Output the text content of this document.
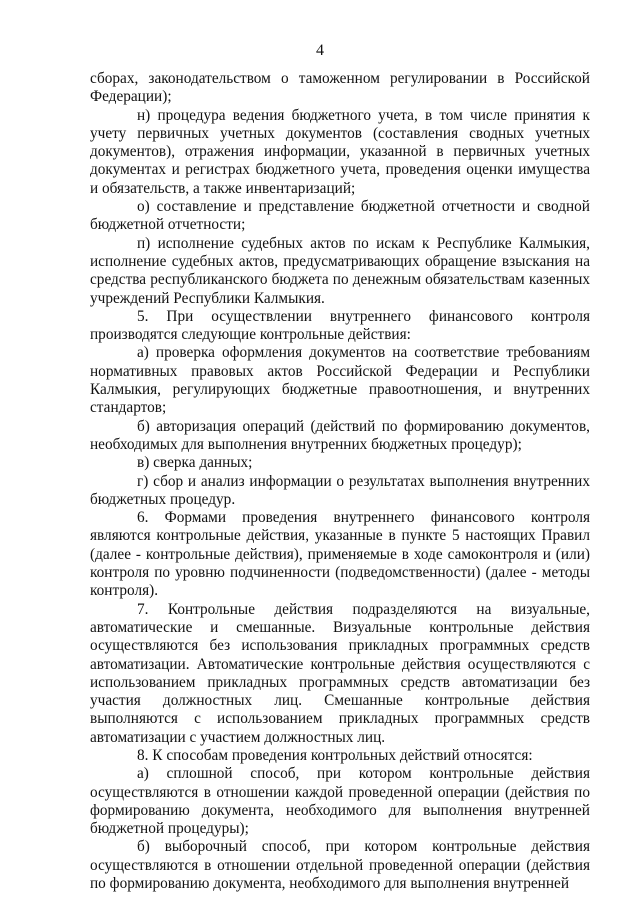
4

сборах, законодательством о таможенном регулировании в Российской Федерации);

н) процедура ведения бюджетного учета, в том числе принятия к учету первичных учетных документов (составления сводных учетных документов), отражения информации, указанной в первичных учетных документах и регистрах бюджетного учета, проведения оценки имущества и обязательств, а также инвентаризаций;

о) составление и представление бюджетной отчетности и сводной бюджетной отчетности;

п) исполнение судебных актов по искам к Республике Калмыкия, исполнение судебных актов, предусматривающих обращение взыскания на средства республиканского бюджета по денежным обязательствам казенных учреждений Республики Калмыкия.

5. При осуществлении внутреннего финансового контроля производятся следующие контрольные действия:

а) проверка оформления документов на соответствие требованиям нормативных правовых актов Российской Федерации и Республики Калмыкия, регулирующих бюджетные правоотношения, и внутренних стандартов;

б) авторизация операций (действий по формированию документов, необходимых для выполнения внутренних бюджетных процедур);

в) сверка данных;

г) сбор и анализ информации о результатах выполнения внутренних бюджетных процедур.

6. Формами проведения внутреннего финансового контроля являются контрольные действия, указанные в пункте 5 настоящих Правил (далее - контрольные действия), применяемые в ходе самоконтроля и (или) контроля по уровню подчиненности (подведомственности) (далее - методы контроля).

7. Контрольные действия подразделяются на визуальные, автоматические и смешанные. Визуальные контрольные действия осуществляются без использования прикладных программных средств автоматизации. Автоматические контрольные действия осуществляются с использованием прикладных программных средств автоматизации без участия должностных лиц. Смешанные контрольные действия выполняются с использованием прикладных программных средств автоматизации с участием должностных лиц.

8. К способам проведения контрольных действий относятся:

а) сплошной способ, при котором контрольные действия осуществляются в отношении каждой проведенной операции (действия по формированию документа, необходимого для выполнения внутренней бюджетной процедуры);

б) выборочный способ, при котором контрольные действия осуществляются в отношении отдельной проведенной операции (действия по формированию документа, необходимого для выполнения внутренней
